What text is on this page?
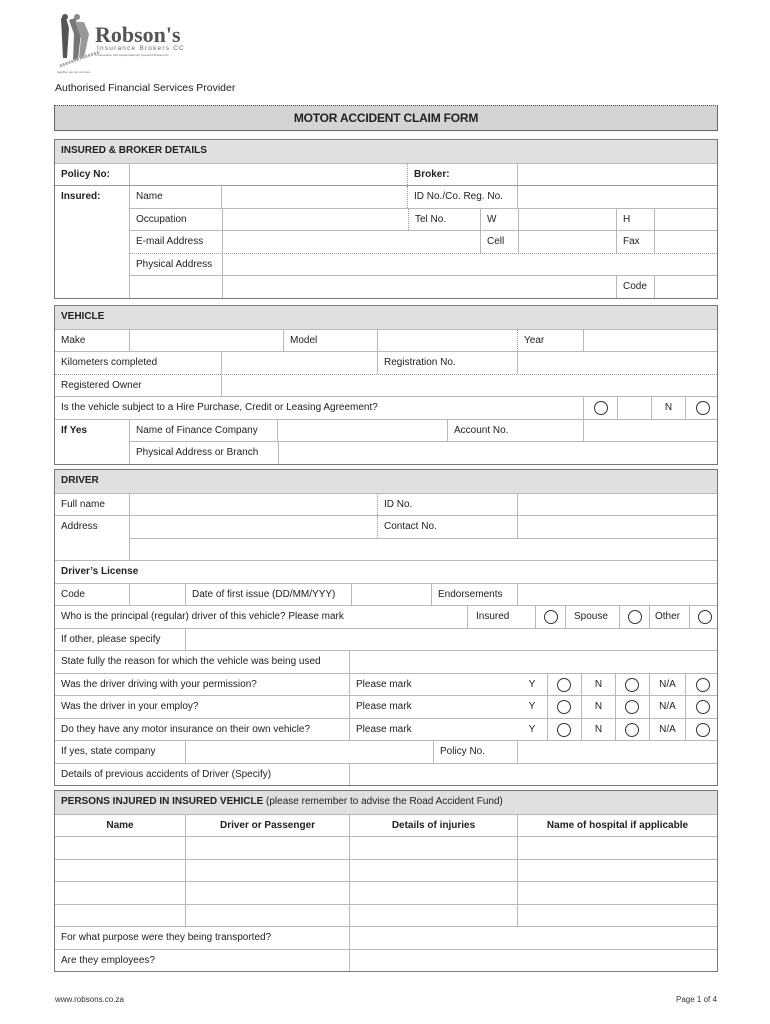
Robson's
Insurance Brokers CC
In association with Capital Indemnity Insurance Brokers CC
together we can do more
Authorised Financial Services Provider
MOTOR ACCIDENT CLAIM FORM
INSURED & BROKER DETAILS
Policy No:	Broker:
Insured:	Name	ID No./Co. Reg. No.
Occupation	Tel No.	W	H
E-mail Address	Cell	Fax
Physical Address
Code
VEHICLE
Make	Model	Year
Kilometers completed	Registration No.
Registered Owner
Is the vehicle subject to a Hire Purchase, Credit or Leasing Agreement?	N
If Yes	Name of Finance Company	Account No.
Physical Address or Branch
DRIVER
Full name	ID No.
Address	Contact No.
Driver’s License
Code	Date of first issue (DD/MM/YYY)	Endorsements
Who is the principal (regular) driver of this vehicle? Please mark	Insured	Spouse	Other
If other, please specify
State fully the reason for which the vehicle was being used
Was the driver driving with your permission?	Please mark	Y	N	N/A
Was the driver in your employ?	Please mark	Y	N	N/A
Do they have any motor insurance on their own vehicle?	Please mark	Y	N	N/A
If yes, state company	Policy No.
Details of previous accidents of Driver (Specify)
PERSONS INJURED IN INSURED VEHICLE (please remember to advise the Road Accident Fund)
Name	Driver or Passenger	Details of injuries	Name of hospital if applicable
For what purpose were they being transported?
Are they employees?
www.robsons.co.za	Page 1 of 4
